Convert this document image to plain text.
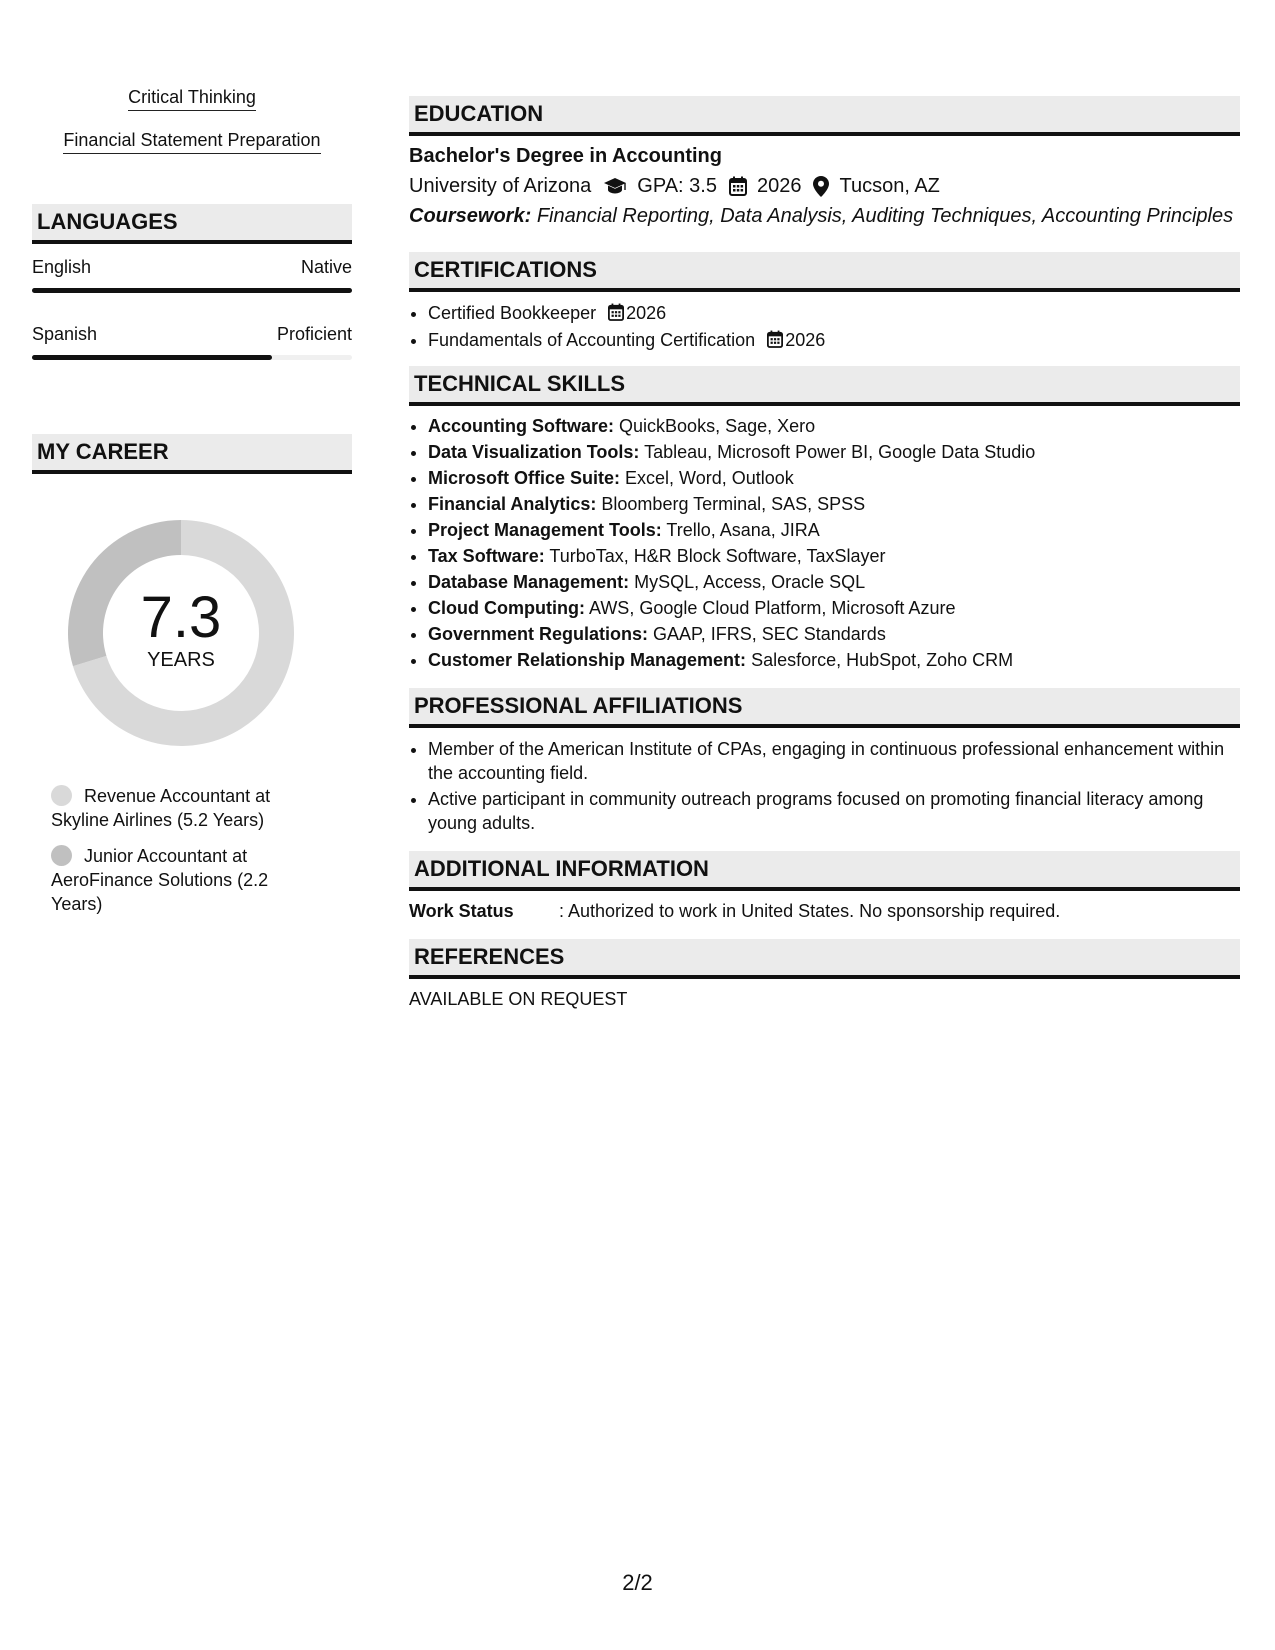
Critical Thinking
Financial Statement Preparation
LANGUAGES
English	Native
Spanish	Proficient
MY CAREER
7.3
YEARS
Revenue Accountant at Skyline Airlines (5.2 Years)
Junior Accountant at AeroFinance Solutions (2.2 Years)
EDUCATION
Bachelor's Degree in Accounting
University of Arizona GPA: 3.5 2026 Tucson, AZ
Coursework: Financial Reporting, Data Analysis, Auditing Techniques, Accounting Principles
CERTIFICATIONS
• Certified Bookkeeper 2026
• Fundamentals of Accounting Certification 2026
TECHNICAL SKILLS
• Accounting Software: QuickBooks, Sage, Xero
• Data Visualization Tools: Tableau, Microsoft Power BI, Google Data Studio
• Microsoft Office Suite: Excel, Word, Outlook
• Financial Analytics: Bloomberg Terminal, SAS, SPSS
• Project Management Tools: Trello, Asana, JIRA
• Tax Software: TurboTax, H&R Block Software, TaxSlayer
• Database Management: MySQL, Access, Oracle SQL
• Cloud Computing: AWS, Google Cloud Platform, Microsoft Azure
• Government Regulations: GAAP, IFRS, SEC Standards
• Customer Relationship Management: Salesforce, HubSpot, Zoho CRM
PROFESSIONAL AFFILIATIONS
• Member of the American Institute of CPAs, engaging in continuous professional enhancement within the accounting field.
• Active participant in community outreach programs focused on promoting financial literacy among young adults.
ADDITIONAL INFORMATION
Work Status	: Authorized to work in United States. No sponsorship required.
REFERENCES
AVAILABLE ON REQUEST
2/2
